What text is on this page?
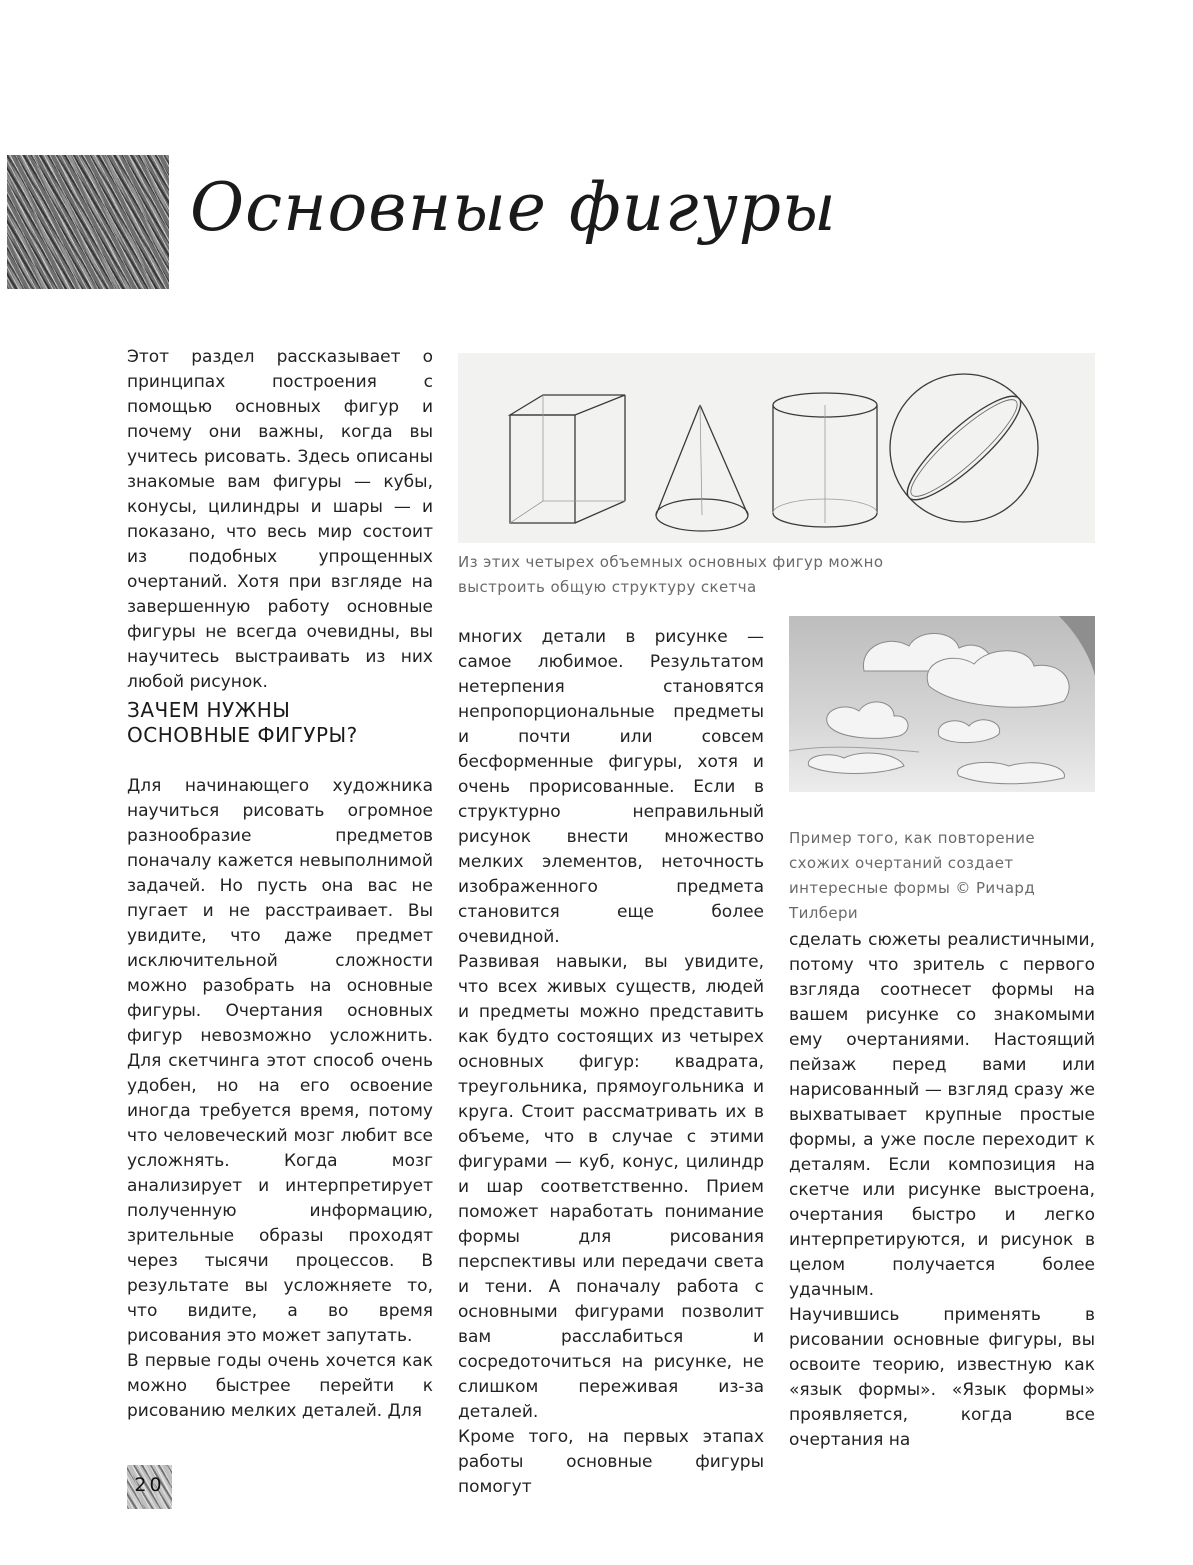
Основные фигуры

Этот раздел рассказывает о принципах построения с помощью основных фигур и почему они важны, когда вы учитесь рисовать. Здесь описаны знакомые вам фигуры — кубы, конусы, цилиндры и шары — и показано, что весь мир состоит из подобных упрощенных очертаний. Хотя при взгляде на завершенную работу основные фигуры не всегда очевидны, вы научитесь выстраивать из них любой рисунок.

ЗАЧЕМ НУЖНЫ
ОСНОВНЫЕ ФИГУРЫ?

Для начинающего художника научиться рисовать огромное разнообразие предметов поначалу кажется невыполнимой задачей. Но пусть она вас не пугает и не расстраивает. Вы увидите, что даже предмет исключительной сложности можно разобрать на основные фигуры. Очертания основных фигур невозможно усложнить. Для скетчинга этот способ очень удобен, но на его освоение иногда требуется время, потому что человеческий мозг любит все усложнять. Когда мозг анализирует и интерпретирует полученную информацию, зрительные образы проходят через тысячи процессов. В результате вы усложняете то, что видите, а во время рисования это может запутать.

В первые годы очень хочется как можно быстрее перейти к рисованию мелких деталей. Для

Из этих четырех объемных основных фигур можно выстроить общую структуру скетча

Пример того, как повторение схожих очертаний создает интересные формы © Ричард Тилбери

многих детали в рисунке — самое любимое. Результатом нетерпения становятся непропорциональные предметы и почти или совсем бесформенные фигуры, хотя и очень прорисованные. Если в структурно неправильный рисунок внести множество мелких элементов, неточность изображенного предмета становится еще более очевидной.

Развивая навыки, вы увидите, что всех живых существ, людей и предметы можно представить как будто состоящих из четырех основных фигур: квадрата, треугольника, прямоугольника и круга. Стоит рассматривать их в объеме, что в случае с этими фигурами — куб, конус, цилиндр и шар соответственно. Прием поможет наработать понимание формы для рисования перспективы или передачи света и тени. А поначалу работа с основными фигурами позволит вам расслабиться и сосредоточиться на рисунке, не слишком переживая из-за деталей.

Кроме того, на первых этапах работы основные фигуры помогут

сделать сюжеты реалистичными, потому что зритель с первого взгляда соотнесет формы на вашем рисунке со знакомыми ему очертаниями. Настоящий пейзаж перед вами или нарисованный — взгляд сразу же выхватывает крупные простые формы, а уже после переходит к деталям. Если композиция на скетче или рисунке выстроена, очертания быстро и легко интерпретируются, и рисунок в целом получается более удачным.

Научившись применять в рисовании основные фигуры, вы освоите теорию, известную как «язык формы». «Язык формы» проявляется, когда все очертания на

20
